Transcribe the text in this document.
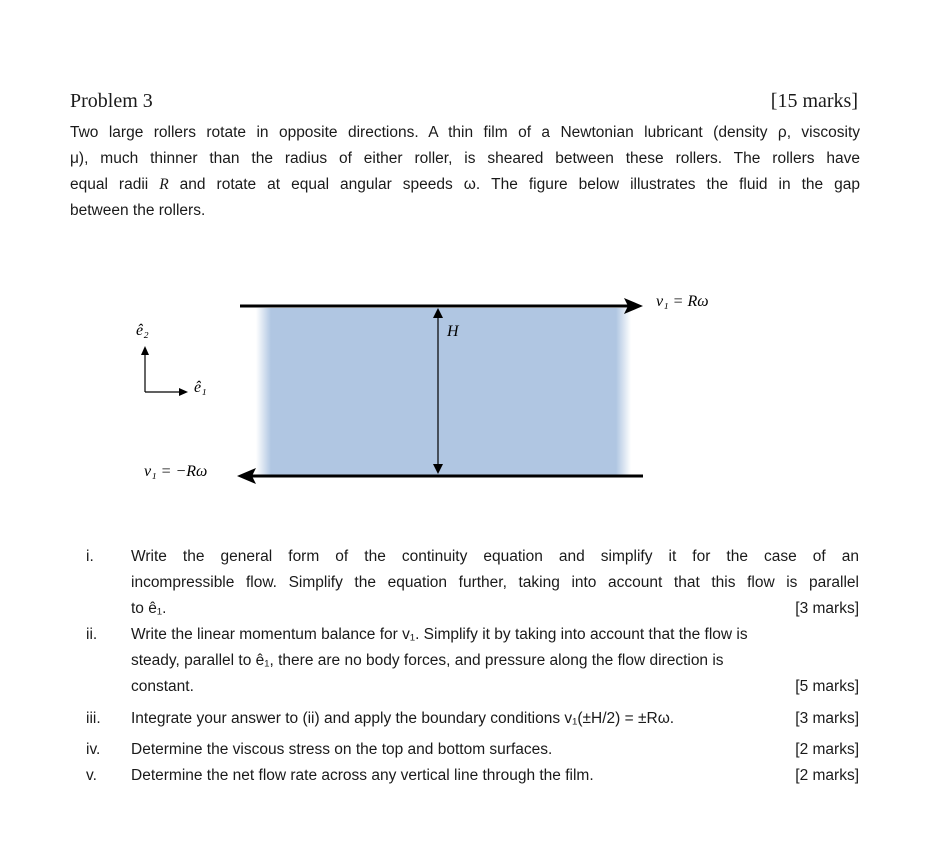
Problem 3	[15 marks]
Two large rollers rotate in opposite directions. A thin film of a Newtonian lubricant (density ρ, viscosity
μ), much thinner than the radius of either roller, is sheared between these rollers. The rollers have
equal radii R and rotate at equal angular speeds ω. The figure below illustrates the fluid in the gap
between the rollers.
H
ê₂
ê₁
v₁ = Rω
v₁ = −Rω
i. Write the general form of the continuity equation and simplify it for the case of an
incompressible flow. Simplify the equation further, taking into account that this flow is parallel
to ê₁.	[3 marks]
ii. Write the linear momentum balance for v₁. Simplify it by taking into account that the flow is
steady, parallel to ê₁, there are no body forces, and pressure along the flow direction is
constant.	[5 marks]
iii. Integrate your answer to (ii) and apply the boundary conditions v₁(±H/2) = ±Rω.	[3 marks]
iv. Determine the viscous stress on the top and bottom surfaces.	[2 marks]
v. Determine the net flow rate across any vertical line through the film.	[2 marks]
